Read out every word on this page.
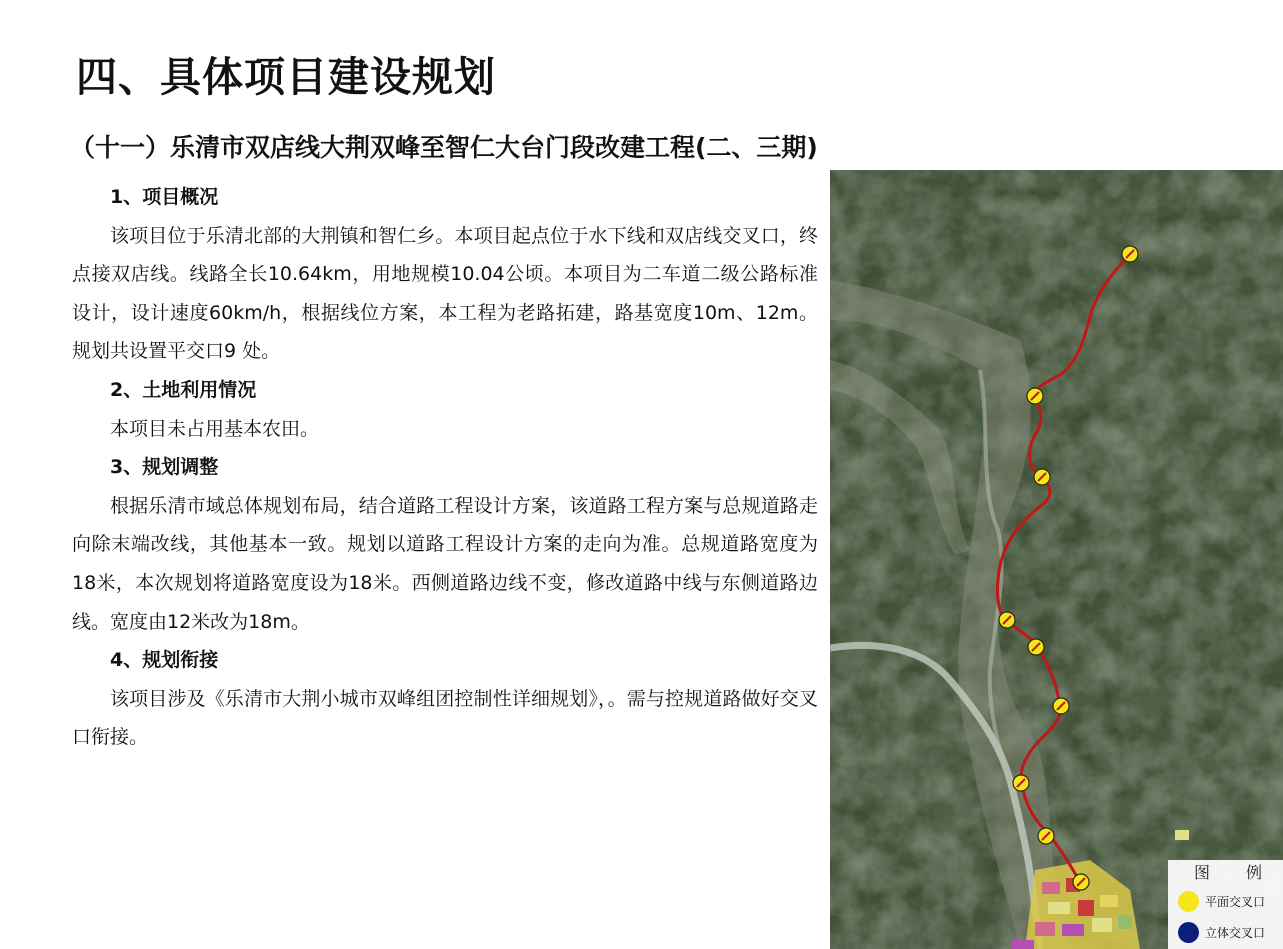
四、具体项目建设规划
（十一）乐清市双店线大荆双峰至智仁大台门段改建工程(二、三期)

1、项目概况

该项目位于乐清北部的大荆镇和智仁乡。本项目起点位于水下线和双店线交叉口，终点接双店线。线路全长10.64km，用地规模10.04公顷。本项目为二车道二级公路标准设计，设计速度60km/h，根据线位方案，本工程为老路拓建，路基宽度10m、12m。规划共设置平交口9 处。

2、土地利用情况

本项目未占用基本农田。

3、规划调整

根据乐清市域总体规划布局，结合道路工程设计方案，该道路工程方案与总规道路走向除末端改线，其他基本一致。规划以道路工程设计方案的走向为准。总规道路宽度为18米，本次规划将道路宽度设为18米。西侧道路边线不变，修改道路中线与东侧道路边线。宽度由12米改为18m。

4、规划衔接

该项目涉及《乐清市大荆小城市双峰组团控制性详细规划》，。需与控规道路做好交叉口衔接。

图 例
平面交叉口
立体交叉口
